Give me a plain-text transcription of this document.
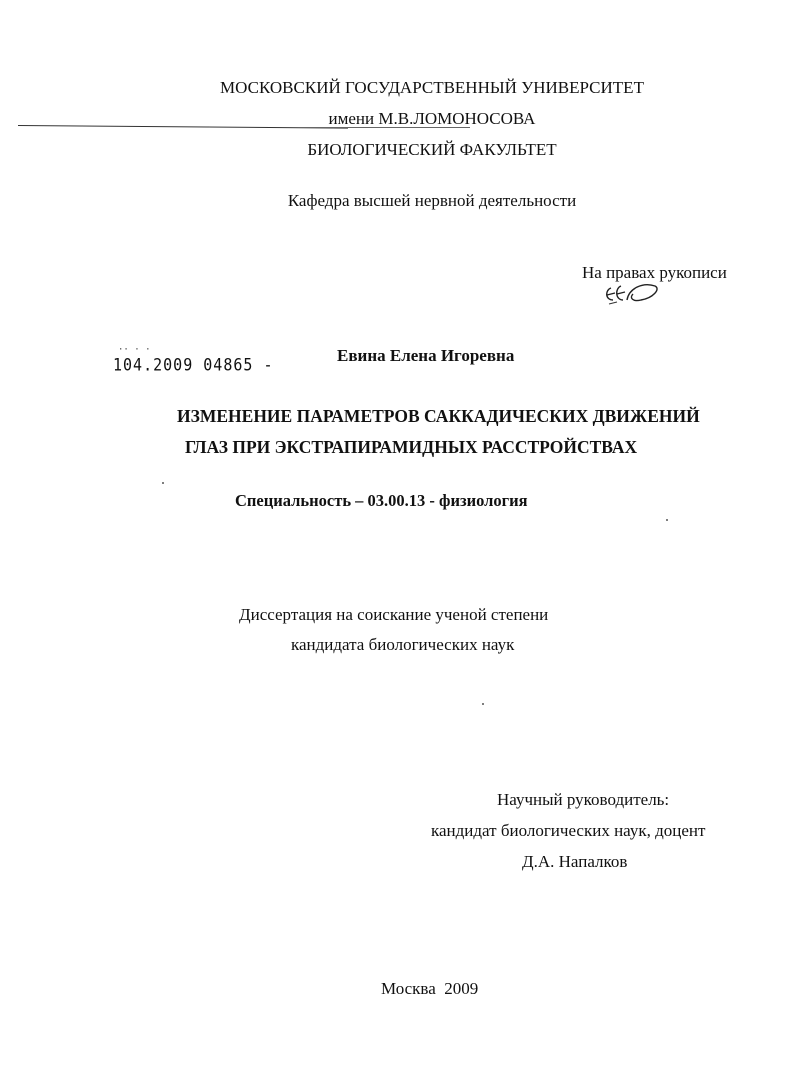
МОСКОВСКИЙ ГОСУДАРСТВЕННЫЙ УНИВЕРСИТЕТ
имени М.В.ЛОМОНОСОВА
БИОЛОГИЧЕСКИЙ ФАКУЛЬТЕТ
Кафедра высшей нервной деятельности
На правах рукописи
·· · ·
104.2009 04865 -	Евина Елена Игоревна
ИЗМЕНЕНИЕ ПАРАМЕТРОВ САККАДИЧЕСКИХ ДВИЖЕНИЙ
ГЛАЗ ПРИ ЭКСТРАПИРАМИДНЫХ РАССТРОЙСТВАХ
Специальность – 03.00.13 - физиология
Диссертация на соискание ученой степени
кандидата биологических наук
Научный руководитель:
кандидат биологических наук, доцент
Д.А. Напалков
Москва  2009
